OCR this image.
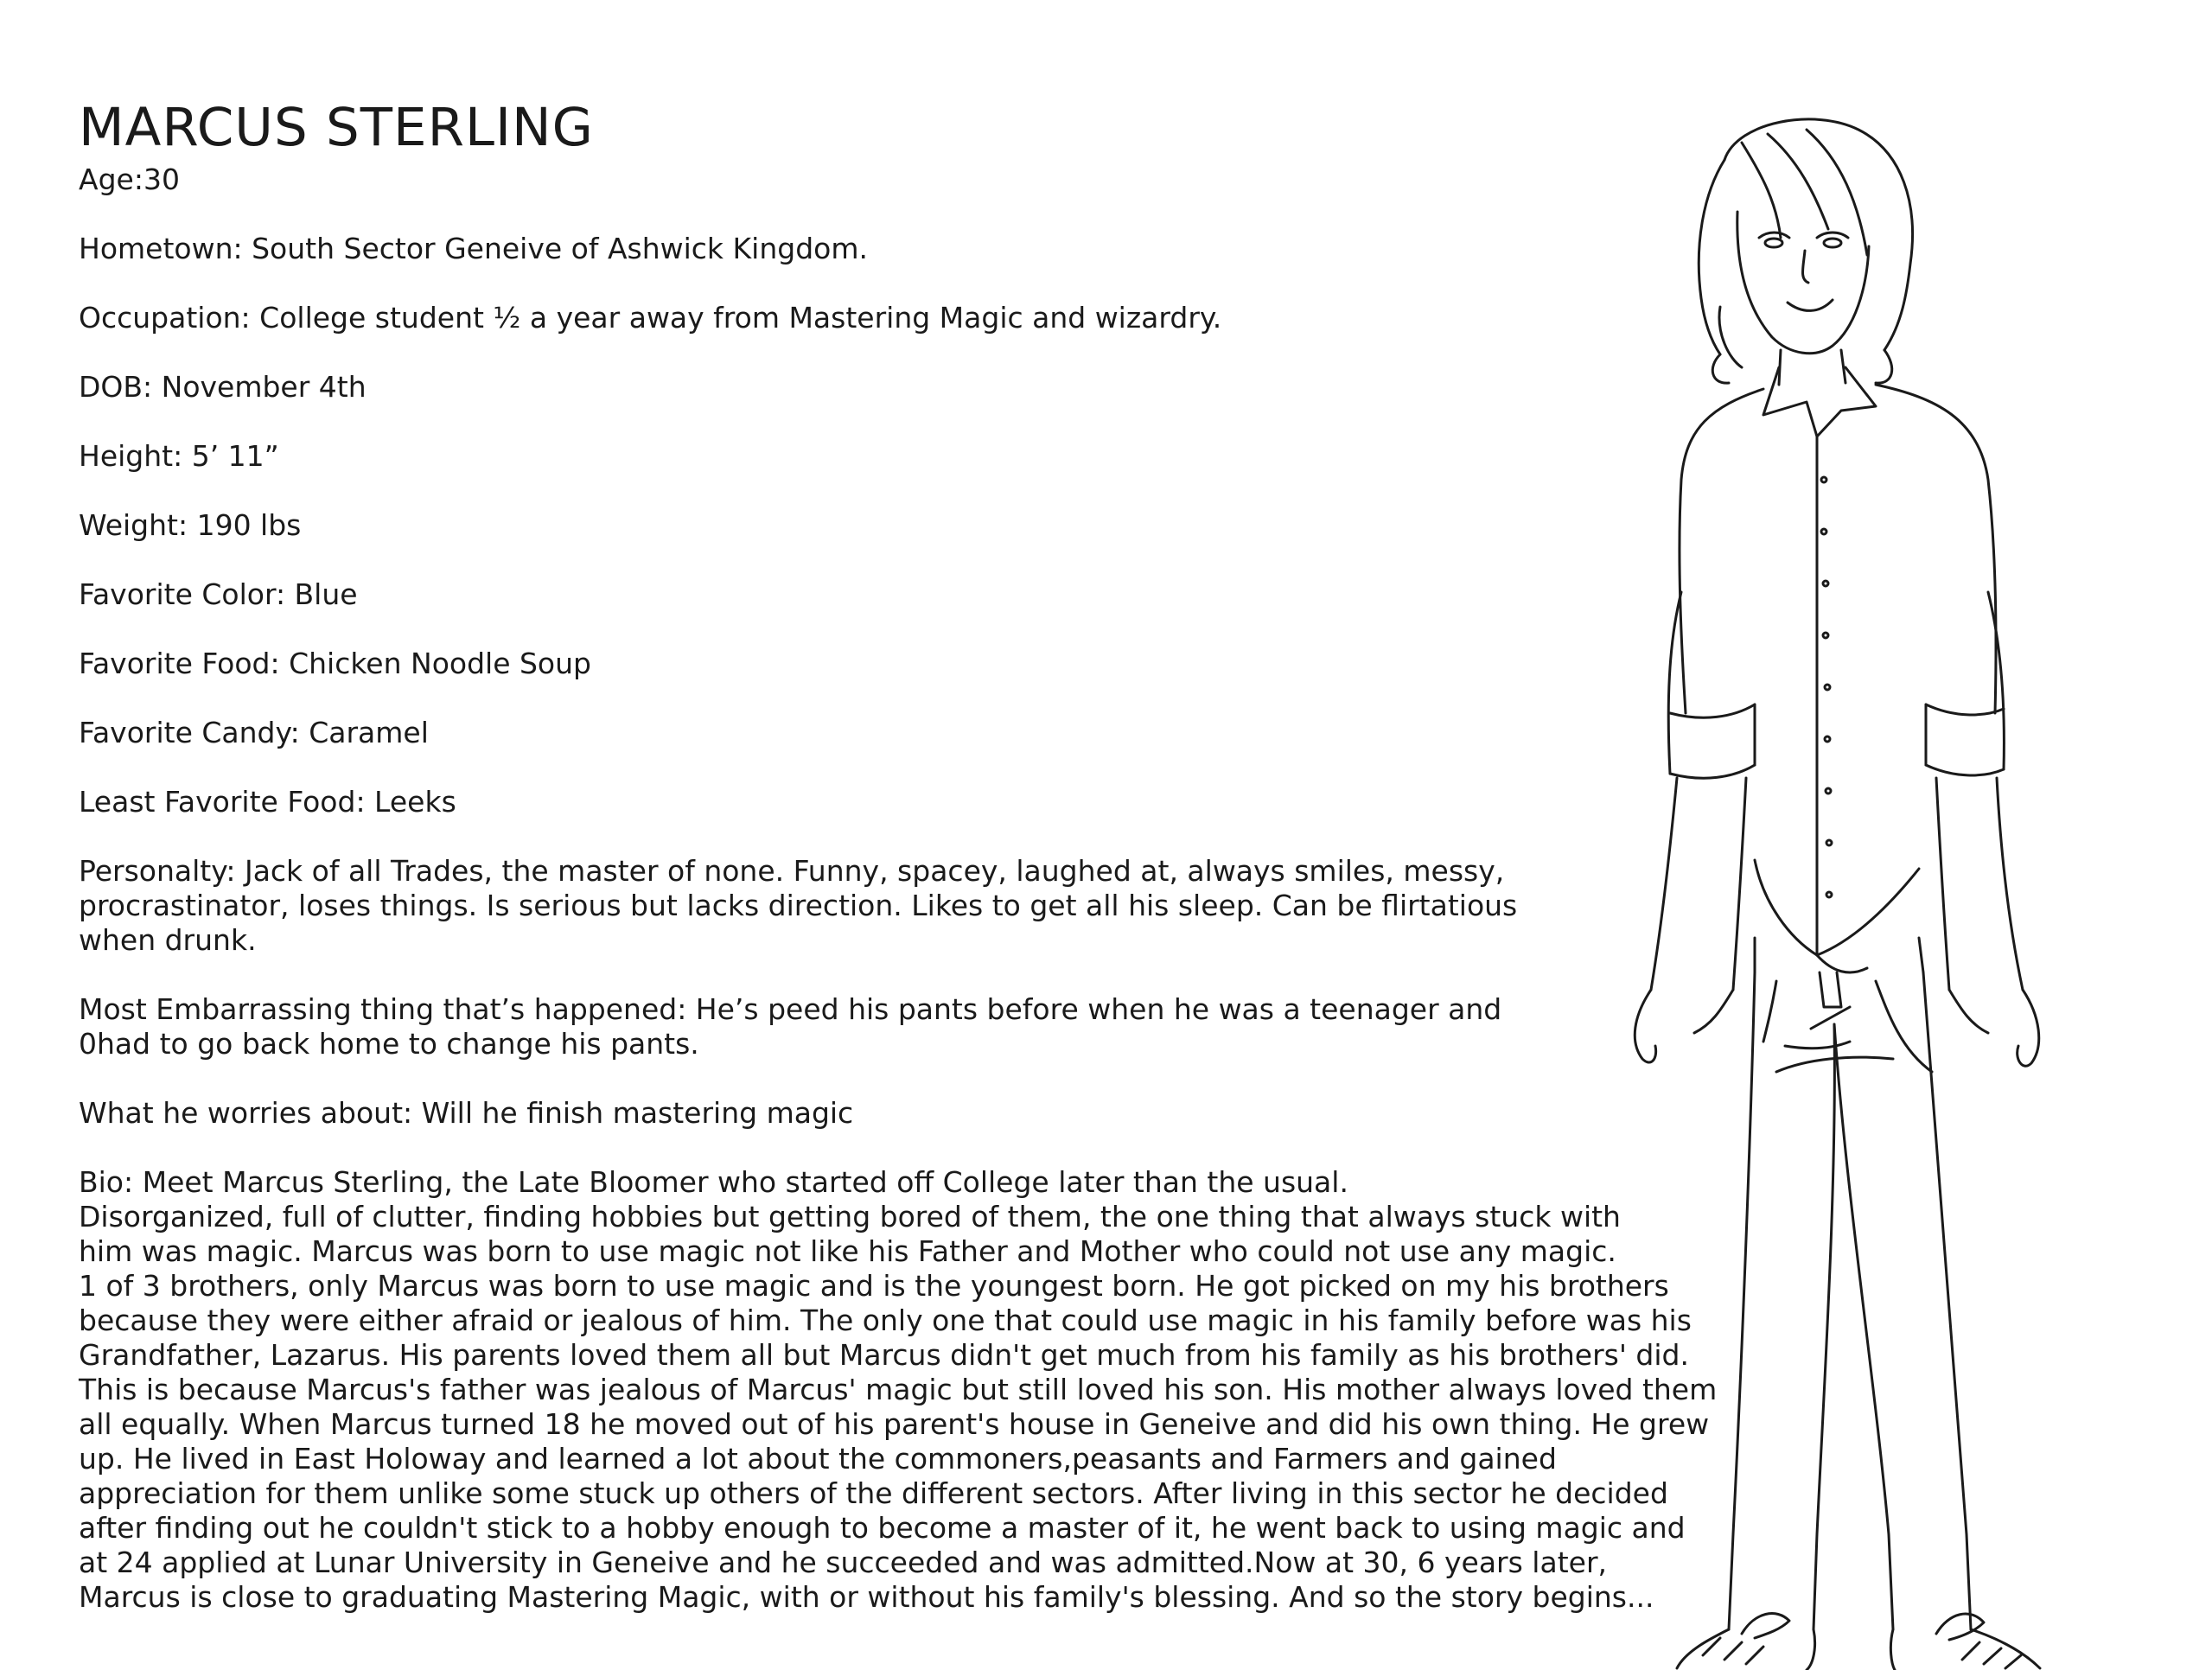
MARCUS STERLING

Age:30

Hometown: South Sector Geneive of Ashwick Kingdom.

Occupation: College student ½ a year away from Mastering Magic and wizardry.

DOB: November 4th

Height: 5’ 11”

Weight: 190 lbs

Favorite Color: Blue

Favorite Food: Chicken Noodle Soup

Favorite Candy: Caramel

Least Favorite Food: Leeks

Personalty: Jack of all Trades, the master of none. Funny, spacey, laughed at, always smiles, messy,
procrastinator, loses things. Is serious but lacks direction. Likes to get all his sleep. Can be flirtatious
when drunk.

Most Embarrassing thing that’s happened: He’s peed his pants before when he was a teenager and
0had to go back home to change his pants.

What he worries about: Will he finish mastering magic

Bio: Meet Marcus Sterling, the Late Bloomer who started off College later than the usual.
Disorganized, full of clutter, finding hobbies but getting bored of them, the one thing that always stuck with
him was magic. Marcus was born to use magic not like his Father and Mother who could not use any magic.
1 of 3 brothers, only Marcus was born to use magic and is the youngest born. He got picked on my his brothers
because they were either afraid or jealous of him. The only one that could use magic in his family before was his
Grandfather, Lazarus. His parents loved them all but Marcus didn't get much from his family as his brothers' did.
This is because Marcus's father was jealous of Marcus' magic but still loved his son. His mother always loved them
all equally. When Marcus turned 18 he moved out of his parent's house in Geneive and did his own thing. He grew
up. He lived in East Holoway and learned a lot about the commoners,peasants and Farmers and gained
appreciation for them unlike some stuck up others of the different sectors. After living in this sector he decided
after finding out he couldn't stick to a hobby enough to become a master of it, he went back to using magic and
at 24 applied at Lunar University in Geneive and he succeeded and was admitted.Now at 30, 6 years later,
Marcus is close to graduating Mastering Magic, with or without his family's blessing. And so the story begins...
